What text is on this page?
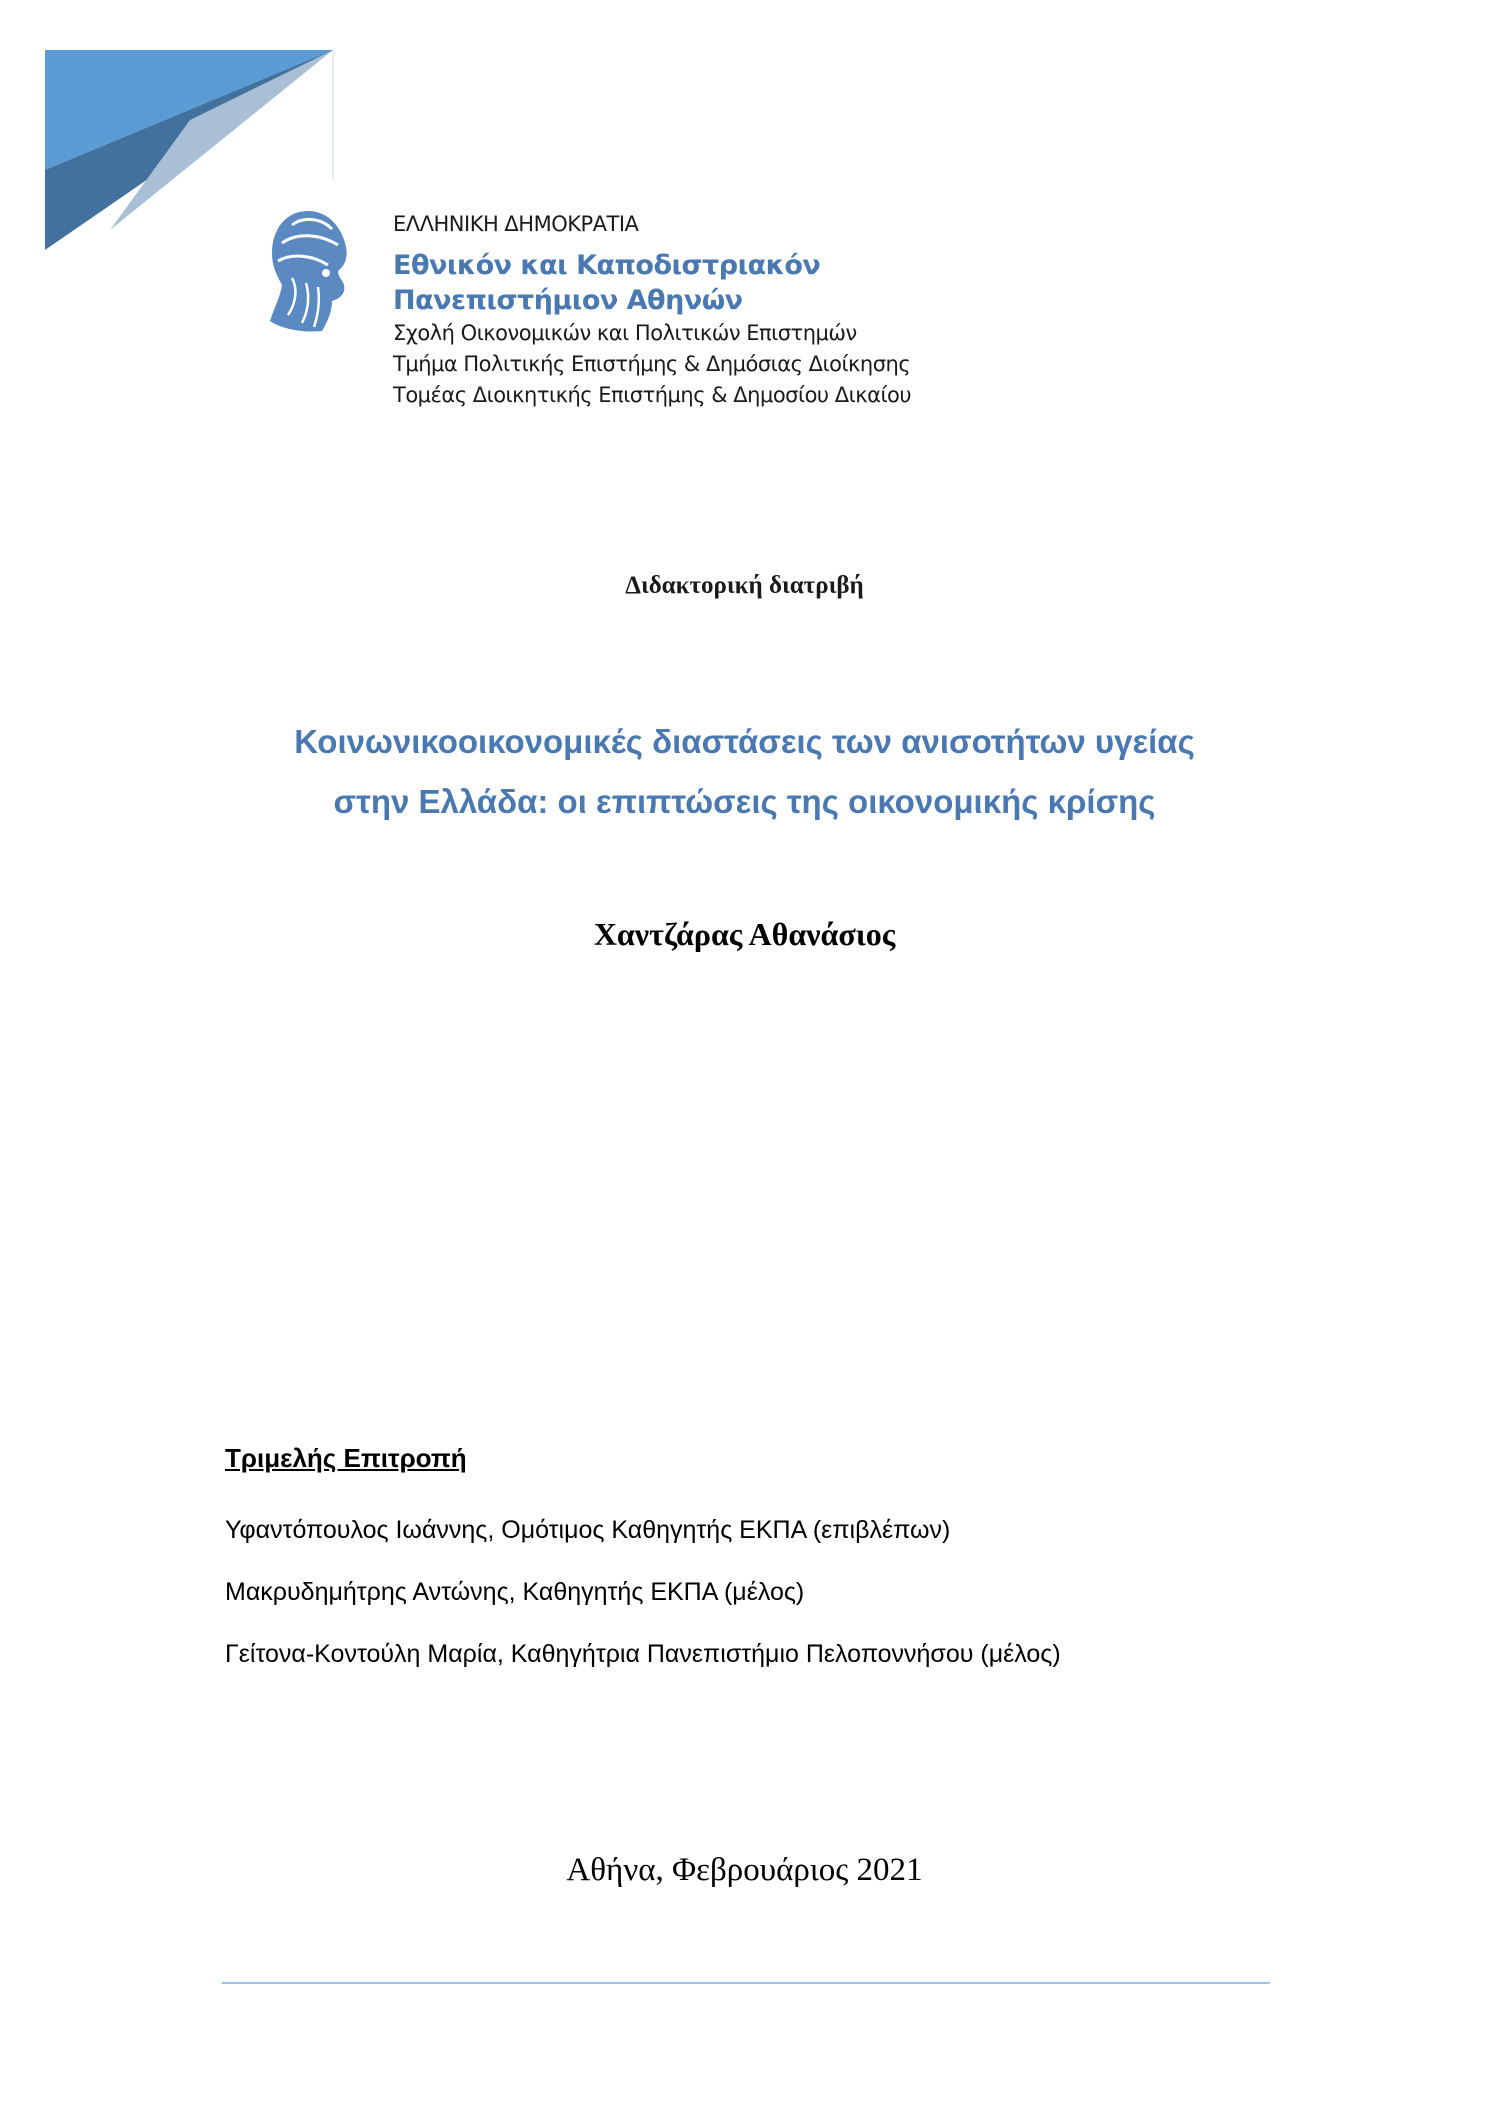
ΕΛΛΗΝΙΚΗ ΔΗΜΟΚΡΑΤΙΑ
Εθνικόν και Καποδιστριακόν
Πανεπιστήμιον Αθηνών
Σχολή Οικονομικών και Πολιτικών Επιστημών
Τμήμα Πολιτικής Επιστήμης & Δημόσιας Διοίκησης
Τομέας Διοικητικής Επιστήμης & Δημοσίου Δικαίου
Διδακτορική διατριβή
Κοινωνικοοικονομικές διαστάσεις των ανισοτήτων υγείας
στην Ελλάδα: οι επιπτώσεις της οικονομικής κρίσης
Χαντζάρας Αθανάσιος
Τριμελής Επιτροπή
Υφαντόπουλος Ιωάννης, Ομότιμος Καθηγητής ΕΚΠΑ (επιβλέπων)
Μακρυδημήτρης Αντώνης, Καθηγητής ΕΚΠΑ (μέλος)
Γείτονα-Κοντούλη Μαρία, Καθηγήτρια Πανεπιστήμιο Πελοποννήσου (μέλος)
Αθήνα, Φεβρουάριος 2021
